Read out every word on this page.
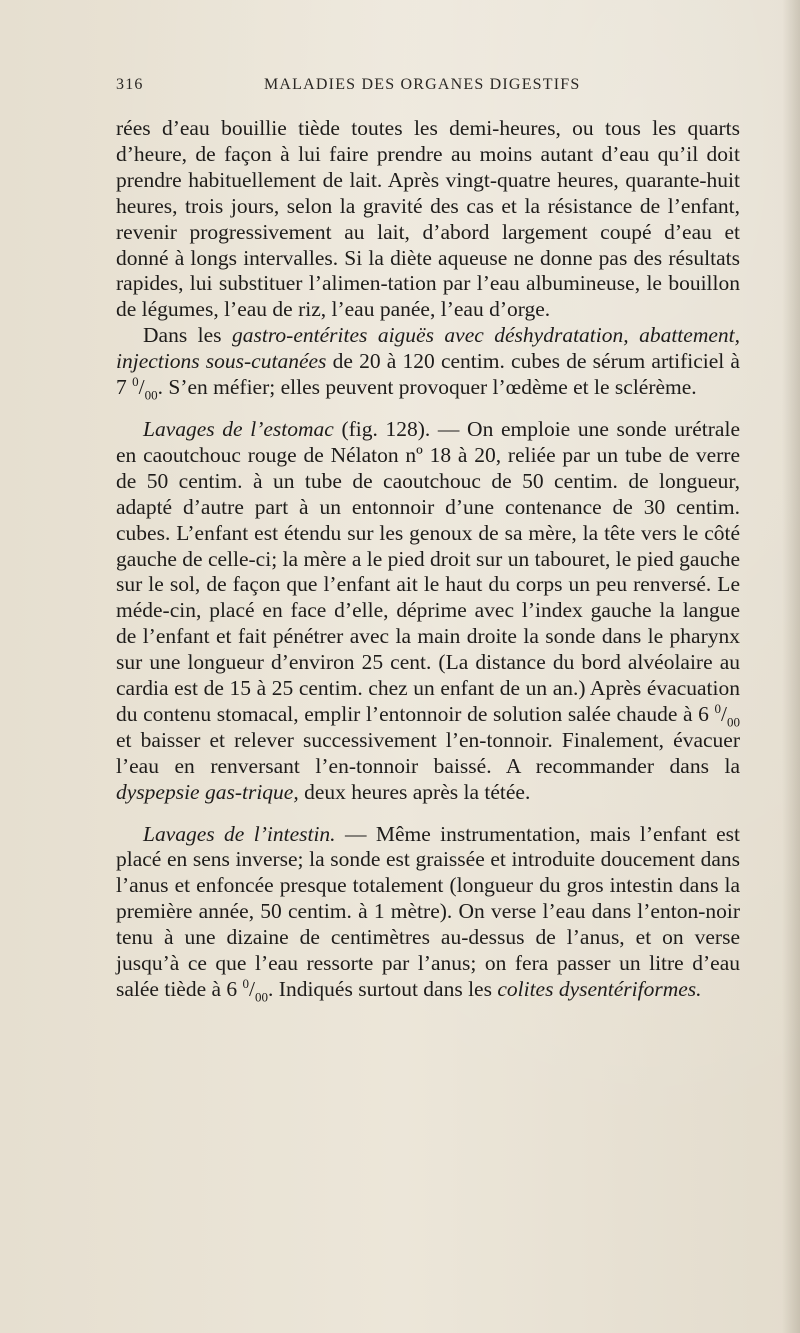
316	MALADIES DES ORGANES DIGESTIFS

rées d’eau bouillie tiède toutes les demi-heures, ou tous les quarts d’heure, de façon à lui faire prendre au moins autant d’eau qu’il doit prendre habituellement de lait. Après vingt-quatre heures, quarante-huit heures, trois jours, selon la gravité des cas et la résistance de l’enfant, revenir progressivement au lait, d’abord largement coupé d’eau et donné à longs intervalles. Si la diète aqueuse ne donne pas des résultats rapides, lui substituer l’alimen-tation par l’eau albumineuse, le bouillon de légumes, l’eau de riz, l’eau panée, l’eau d’orge.

Dans les gastro-entérites aiguës avec déshydratation, abattement, injections sous-cutanées de 20 à 120 centim. cubes de sérum artificiel à 7 $^0/_{00}$. S’en méfier; elles peuvent provoquer l’œdème et le sclérème.

Lavages de l’estomac (fig. 128). — On emploie une sonde urétrale en caoutchouc rouge de Nélaton nº 18 à 20, reliée par un tube de verre de 50 centim. à un tube de caoutchouc de 50 centim. de longueur, adapté d’autre part à un entonnoir d’une contenance de 30 centim. cubes. L’enfant est étendu sur les genoux de sa mère, la tête vers le côté gauche de celle-ci; la mère a le pied droit sur un tabouret, le pied gauche sur le sol, de façon que l’enfant ait le haut du corps un peu renversé. Le méde-cin, placé en face d’elle, déprime avec l’index gauche la langue de l’enfant et fait pénétrer avec la main droite la sonde dans le pharynx sur une longueur d’environ 25 cent. (La distance du bord alvéolaire au cardia est de 15 à 25 centim. chez un enfant de un an.) Après évacuation du contenu stomacal, emplir l’entonnoir de solution salée chaude à 6 $^0/_{00}$ et baisser et relever successivement l’en-tonnoir. Finalement, évacuer l’eau en renversant l’en-tonnoir baissé. A recommander dans la dyspepsie gas-trique, deux heures après la tétée.

Lavages de l’intestin. — Même instrumentation, mais l’enfant est placé en sens inverse; la sonde est graissée et introduite doucement dans l’anus et enfoncée presque totalement (longueur du gros intestin dans la première année, 50 centim. à 1 mètre). On verse l’eau dans l’enton-noir tenu à une dizaine de centimètres au-dessus de l’anus, et on verse jusqu’à ce que l’eau ressorte par l’anus; on fera passer un litre d’eau salée tiède à 6 $^0/_{00}$. Indiqués surtout dans les colites dysentériformes.
